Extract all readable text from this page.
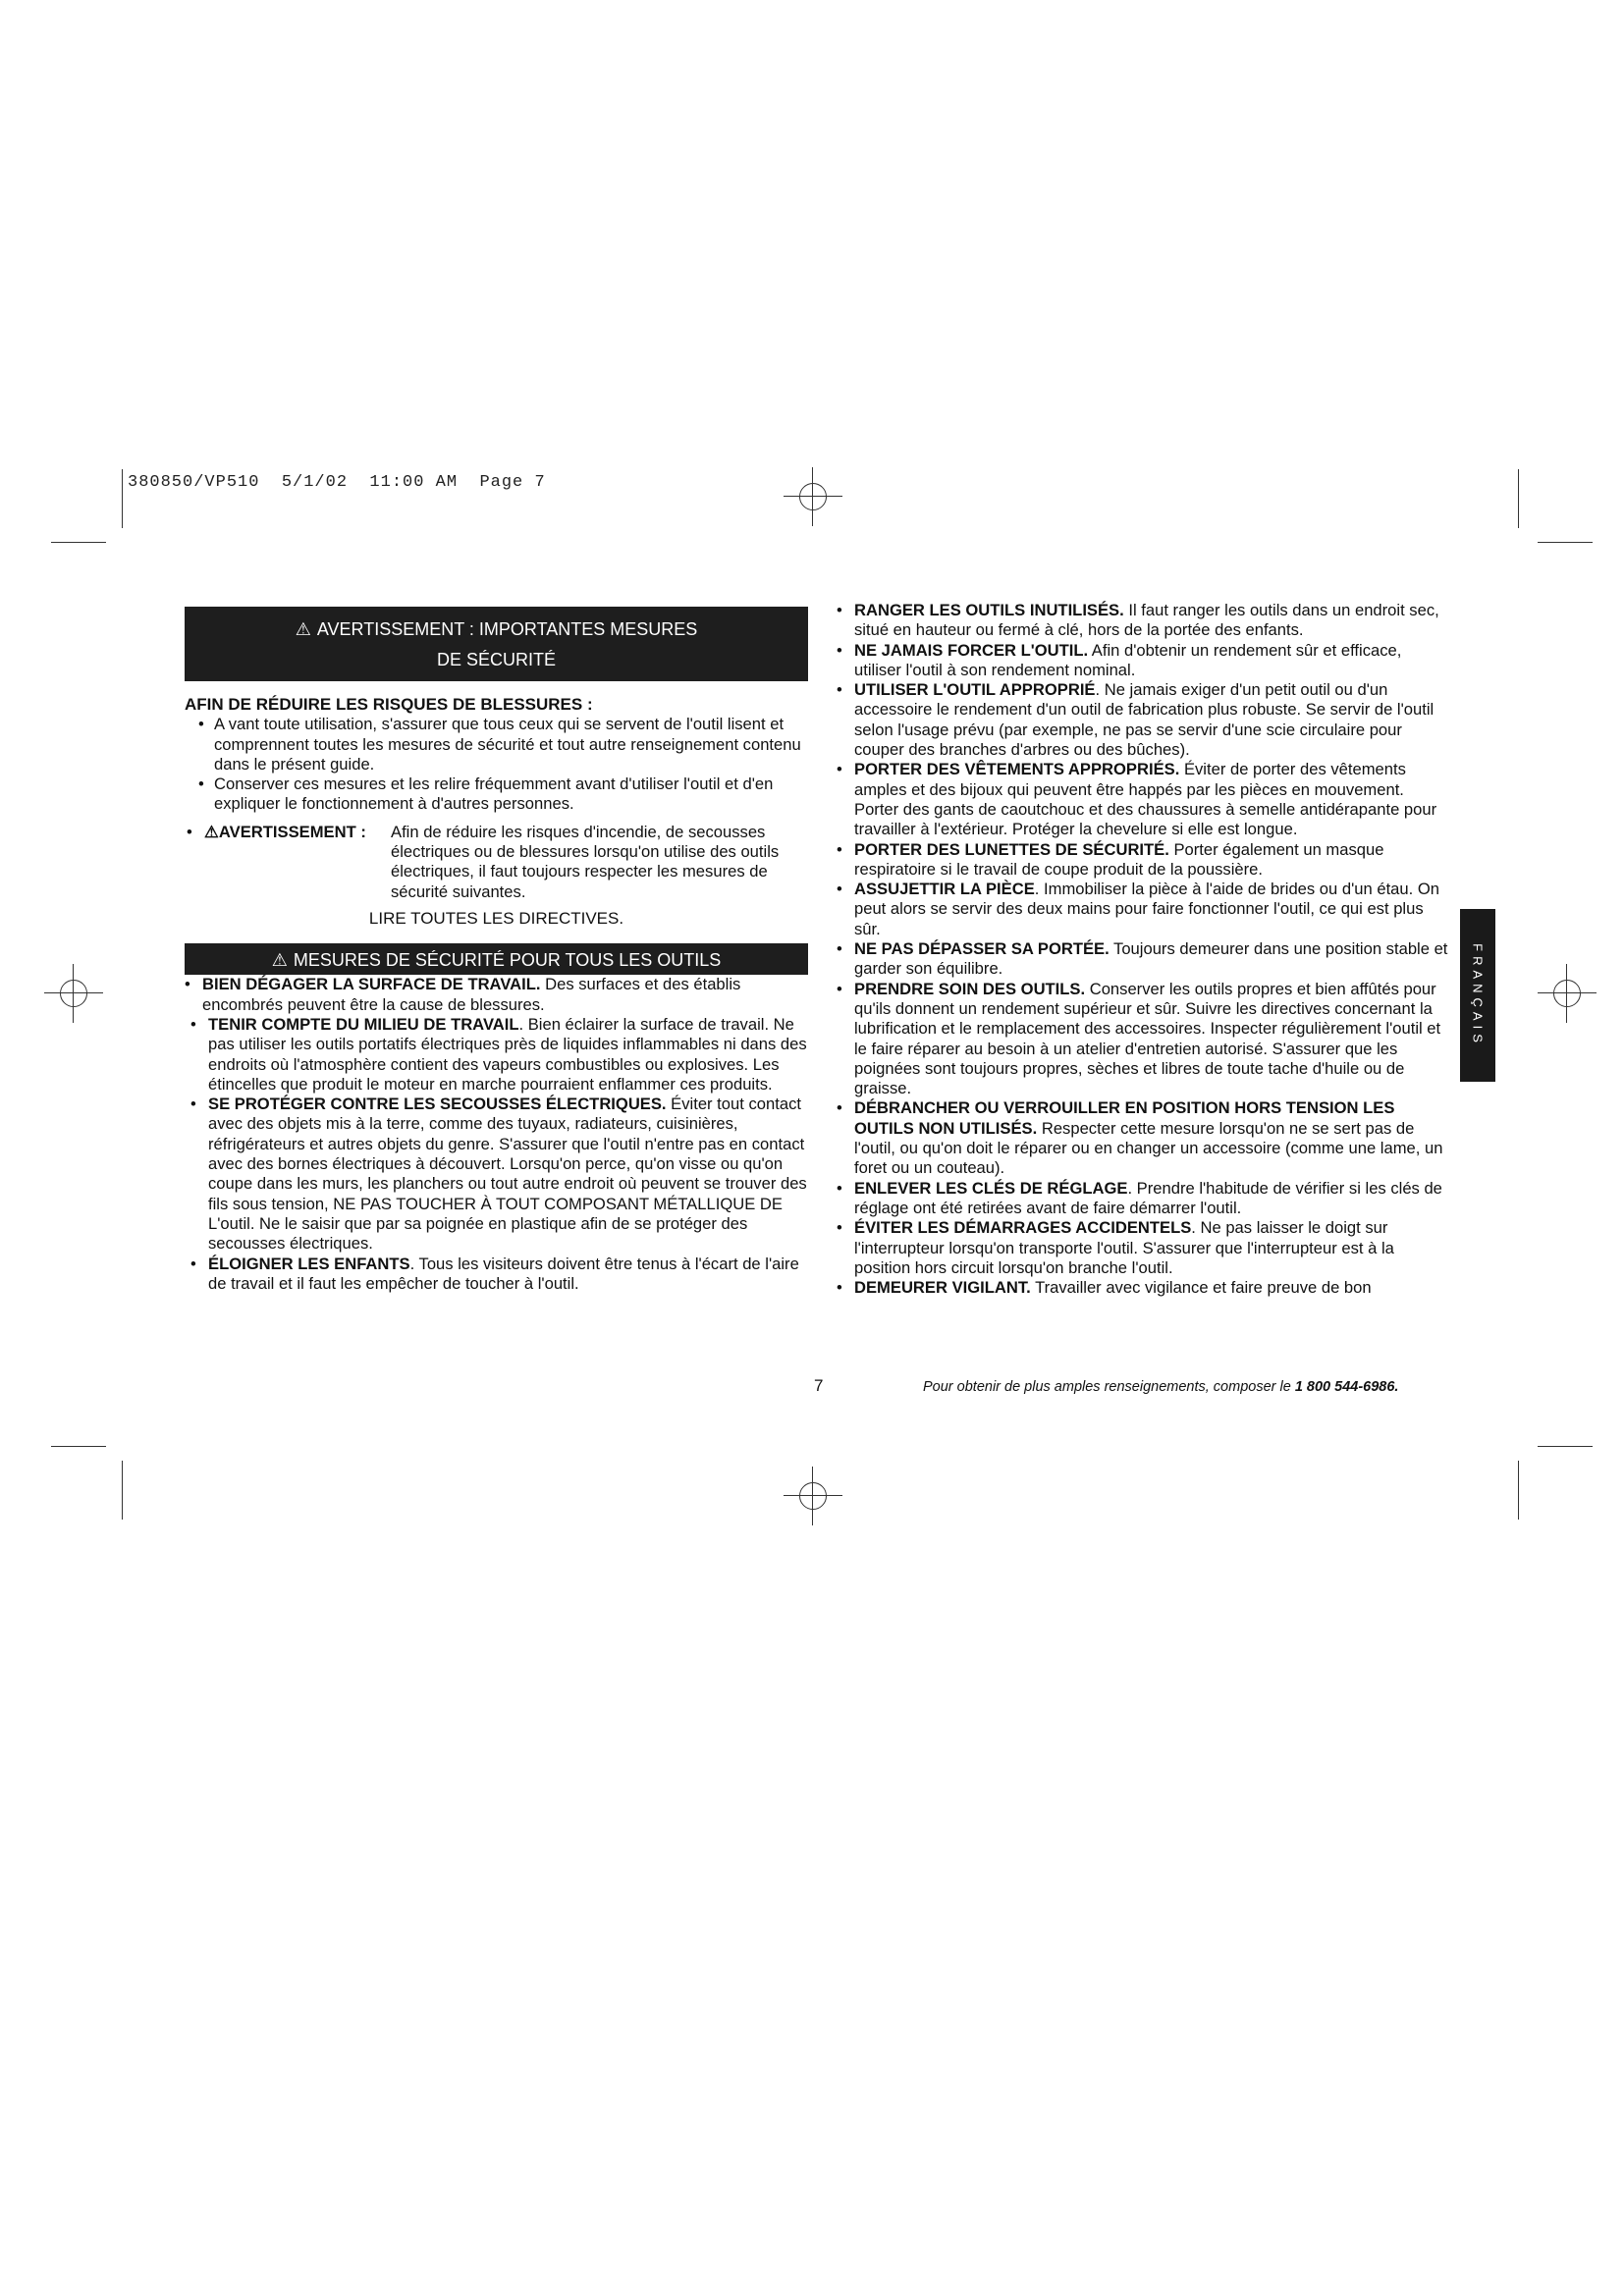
380850/VP510  5/1/02  11:00 AM  Page 7
⚠ AVERTISSEMENT : IMPORTANTES MESURES
DE SÉCURITÉ
AFIN DE RÉDUIRE LES RISQUES DE BLESSURES :
• A vant toute utilisation, s'assurer que tous ceux qui se servent de l'outil lisent et comprennent toutes les mesures de sécurité et tout autre renseignement contenu dans le présent guide.
• Conserver ces mesures et les relire fréquemment avant d'utiliser l'outil et d'en expliquer le fonctionnement à d'autres personnes.
• ⚠AVERTISSEMENT : Afin de réduire les risques d'incendie, de secousses électriques ou de blessures lorsqu'on utilise des outils électriques, il faut toujours respecter les mesures de sécurité suivantes.
LIRE TOUTES LES DIRECTIVES.
⚠ MESURES DE SÉCURITÉ POUR TOUS LES OUTILS
• BIEN DÉGAGER LA SURFACE DE TRAVAIL. Des surfaces et des établis encombrés peuvent être la cause de blessures.
• TENIR COMPTE DU MILIEU DE TRAVAIL. Bien éclairer la surface de travail. Ne pas utiliser les outils portatifs électriques près de liquides inflammables ni dans des endroits où l'atmosphère contient des vapeurs combustibles ou explosives. Les étincelles que produit le moteur en marche pourraient enflammer ces produits.
• SE PROTÉGER CONTRE LES SECOUSSES ÉLECTRIQUES. Éviter tout contact avec des objets mis à la terre, comme des tuyaux, radiateurs, cuisinières, réfrigérateurs et autres objets du genre. S'assurer que l'outil n'entre pas en contact avec des bornes électriques à découvert. Lorsqu'on perce, qu'on visse ou qu'on coupe dans les murs, les planchers ou tout autre endroit où peuvent se trouver des fils sous tension, NE PAS TOUCHER À TOUT COMPOSANT MÉTALLIQUE DE L'outil. Ne le saisir que par sa poignée en plastique afin de se protéger des secousses électriques.
• ÉLOIGNER LES ENFANTS. Tous les visiteurs doivent être tenus à l'écart de l'aire de travail et il faut les empêcher de toucher à l'outil.
• RANGER LES OUTILS INUTILISÉS. Il faut ranger les outils dans un endroit sec, situé en hauteur ou fermé à clé, hors de la portée des enfants.
• NE JAMAIS FORCER L'OUTIL. Afin d'obtenir un rendement sûr et efficace, utiliser l'outil à son rendement nominal.
• UTILISER L'OUTIL APPROPRIÉ. Ne jamais exiger d'un petit outil ou d'un accessoire le rendement d'un outil de fabrication plus robuste. Se servir de l'outil selon l'usage prévu (par exemple, ne pas se servir d'une scie circulaire pour couper des branches d'arbres ou des bûches).
• PORTER DES VÊTEMENTS APPROPRIÉS. Éviter de porter des vêtements amples et des bijoux qui peuvent être happés par les pièces en mouvement. Porter des gants de caoutchouc et des chaussures à semelle antidérapante pour travailler à l'extérieur. Protéger la chevelure si elle est longue.
• PORTER DES LUNETTES DE SÉCURITÉ. Porter également un masque respiratoire si le travail de coupe produit de la poussière.
• ASSUJETTIR LA PIÈCE. Immobiliser la pièce à l'aide de brides ou d'un étau. On peut alors se servir des deux mains pour faire fonctionner l'outil, ce qui est plus sûr.
• NE PAS DÉPASSER SA PORTÉE. Toujours demeurer dans une position stable et garder son équilibre.
• PRENDRE SOIN DES OUTILS. Conserver les outils propres et bien affûtés pour qu'ils donnent un rendement supérieur et sûr. Suivre les directives concernant la lubrification et le remplacement des accessoires. Inspecter régulièrement l'outil et le faire réparer au besoin à un atelier d'entretien autorisé. S'assurer que les poignées sont toujours propres, sèches et libres de toute tache d'huile ou de graisse.
• DÉBRANCHER OU VERROUILLER EN POSITION HORS TENSION LES OUTILS NON UTILISÉS. Respecter cette mesure lorsqu'on ne se sert pas de l'outil, ou qu'on doit le réparer ou en changer un accessoire (comme une lame, un foret ou un couteau).
• ENLEVER LES CLÉS DE RÉGLAGE. Prendre l'habitude de vérifier si les clés de réglage ont été retirées avant de faire démarrer l'outil.
• ÉVITER LES DÉMARRAGES ACCIDENTELS. Ne pas laisser le doigt sur l'interrupteur lorsqu'on transporte l'outil. S'assurer que l'interrupteur est à la position hors circuit lorsqu'on branche l'outil.
• DEMEURER VIGILANT. Travailler avec vigilance et faire preuve de bon
FRANÇAIS
7	Pour obtenir de plus amples renseignements, composer le 1 800 544-6986.
